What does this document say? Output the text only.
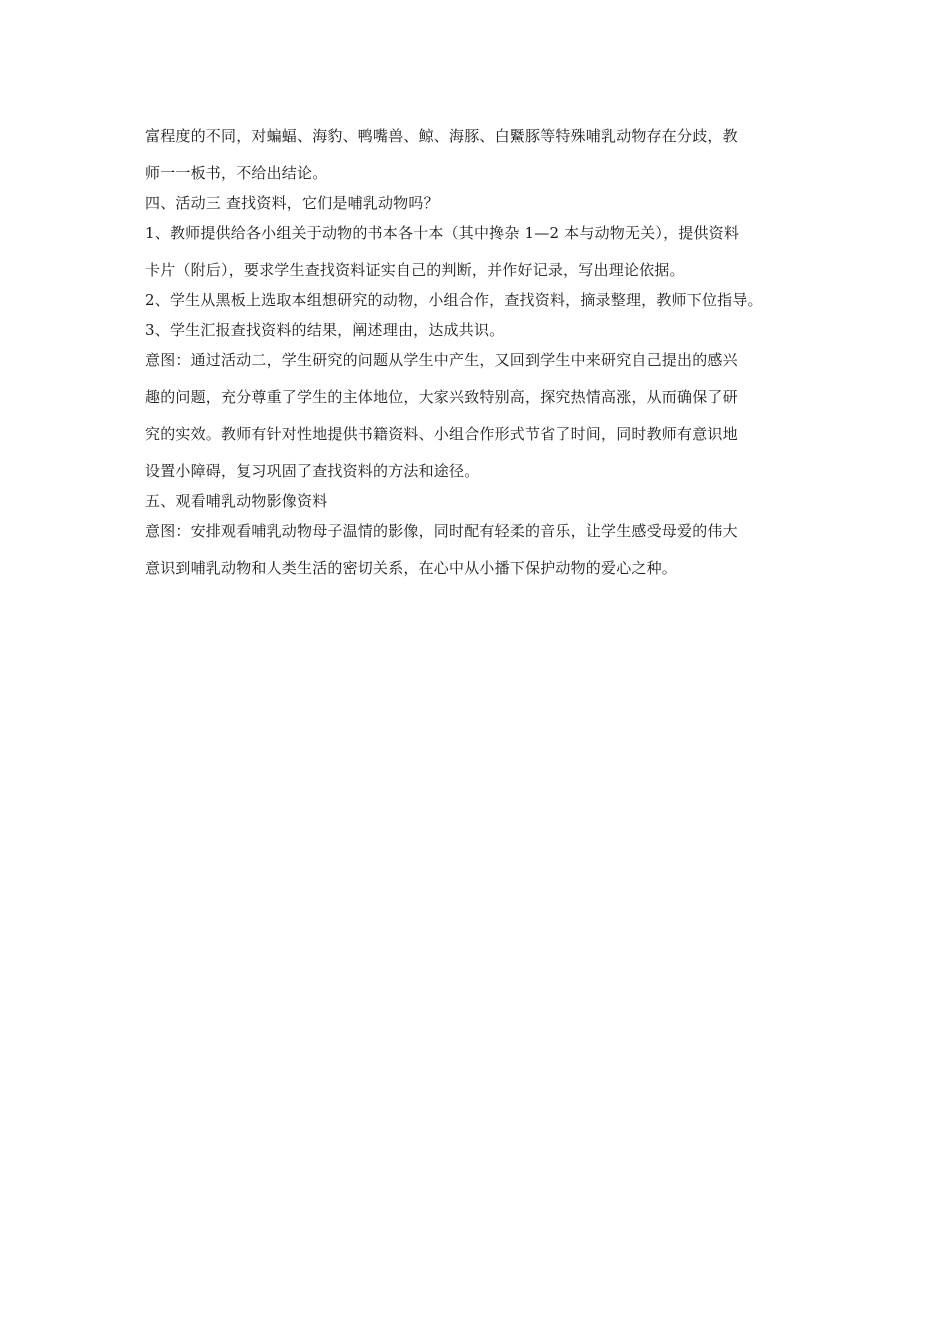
富程度的不同，对蝙蝠、海豹、鸭嘴兽、鲸、海豚、白鱀豚等特殊哺乳动物存在分歧，教
师一一板书，不给出结论。
四、活动三 查找资料，它们是哺乳动物吗？
1、教师提供给各小组关于动物的书本各十本（其中搀杂 1—2 本与动物无关），提供资料
卡片（附后），要求学生查找资料证实自己的判断，并作好记录，写出理论依据。
2、学生从黑板上选取本组想研究的动物，小组合作，查找资料，摘录整理，教师下位指导。
3、学生汇报查找资料的结果，阐述理由，达成共识。
意图：通过活动二，学生研究的问题从学生中产生，又回到学生中来研究自己提出的感兴
趣的问题，充分尊重了学生的主体地位，大家兴致特别高，探究热情高涨，从而确保了研
究的实效。教师有针对性地提供书籍资料、小组合作形式节省了时间，同时教师有意识地
设置小障碍，复习巩固了查找资料的方法和途径。
五、观看哺乳动物影像资料
意图：安排观看哺乳动物母子温情的影像，同时配有轻柔的音乐，让学生感受母爱的伟大
意识到哺乳动物和人类生活的密切关系，在心中从小播下保护动物的爱心之种。
